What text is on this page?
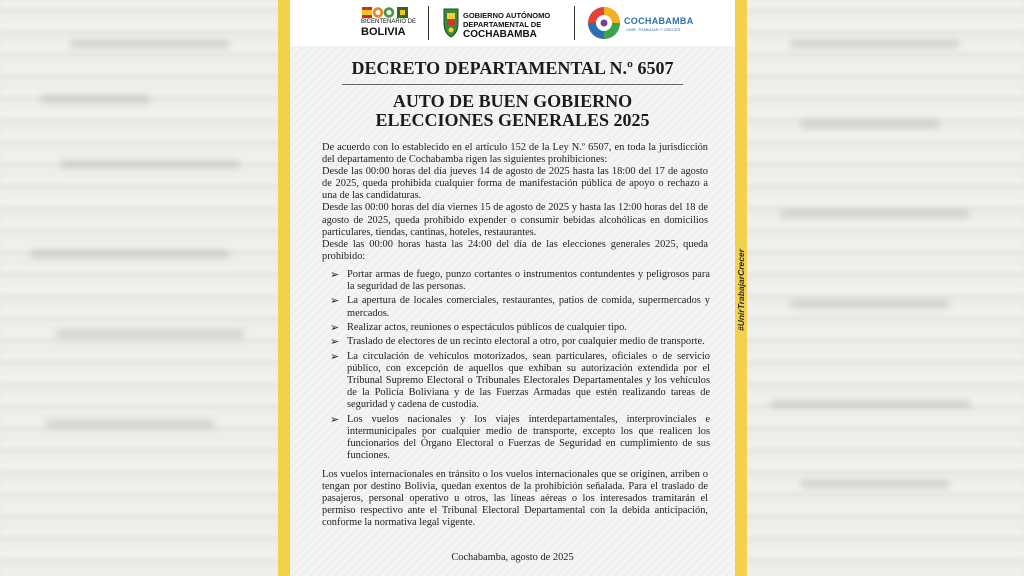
BICENTENARIO DE
BOLIVIA
GOBIERNO AUTÓNOMO
DEPARTAMENTAL DE
COCHABAMBA
COCHABAMBA
UNIR, TRABAJAR Y CRECER
DECRETO DEPARTAMENTAL N.º 6507
AUTO DE BUEN GOBIERNO
ELECCIONES GENERALES 2025

De acuerdo con lo establecido en el artículo 152 de la Ley N.º 6507, en toda la jurisdicción del departamento de Cochabamba rigen las siguientes prohibiciones:

Desde las 00:00 horas del día jueves 14 de agosto de 2025 hasta las 18:00 del 17 de agosto de 2025, queda prohibida cualquier forma de manifestación pública de apoyo o rechazo a una de las candidaturas.

Desde las 00:00 horas del día viernes 15 de agosto de 2025 y hasta las 12:00 horas del 18 de agosto de 2025, queda prohibido expender o consumir bebidas alcohólicas en domicilios particulares, tiendas, cantinas, hoteles, restaurantes.

Desde las 00:00 horas hasta las 24:00 del día de las elecciones generales 2025, queda prohibido:

➢ Portar armas de fuego, punzo cortantes o instrumentos contundentes y peligrosos para la seguridad de las personas.
➢ La apertura de locales comerciales, restaurantes, patios de comida, supermercados y mercados.
➢ Realizar actos, reuniones o espectáculos públicos de cualquier tipo.
➢ Traslado de electores de un recinto electoral a otro, por cualquier medio de transporte.
➢ La circulación de vehículos motorizados, sean particulares, oficiales o de servicio público, con excepción de aquellos que exhiban su autorización extendida por el Tribunal Supremo Electoral o Tribunales Electorales Departamentales y los vehículos de la Policía Boliviana y de las Fuerzas Armadas que estén realizando tareas de seguridad y cadena de custodia.
➢ Los vuelos nacionales y los viajes interdepartamentales, interprovinciales e intermunicipales por cualquier medio de transporte, excepto los que realicen los funcionarios del Órgano Electoral o Fuerzas de Seguridad en cumplimiento de sus funciones.
Los vuelos internacionales en tránsito o los vuelos internacionales que se originen, arriben o tengan por destino Bolivia, quedan exentos de la prohibición señalada. Para el traslado de pasajeros, personal operativo u otros, las líneas aéreas o los interesados tramitarán el permiso respectivo ante el Tribunal Electoral Departamental con la debida anticipación, conforme la normativa legal vigente.
Cochabamba, agosto de 2025
#UnirTrabajarCrecer
